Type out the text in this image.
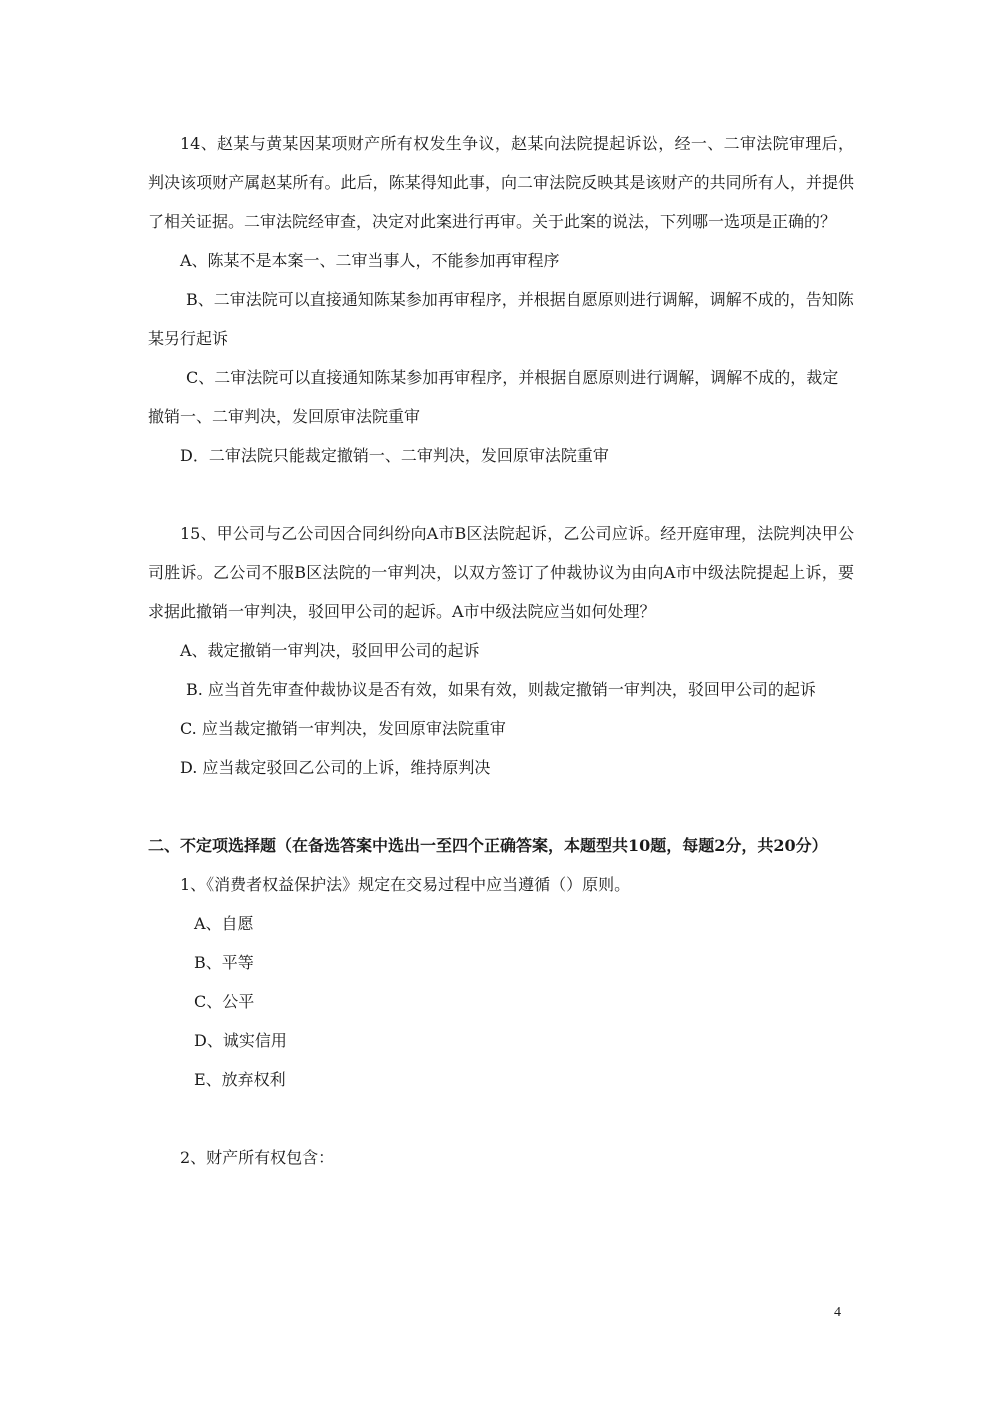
14、赵某与黄某因某项财产所有权发生争议，赵某向法院提起诉讼，经一、二审法院审理后，判决该项财产属赵某所有。此后，陈某得知此事，向二审法院反映其是该财产的共同所有人，并提供了相关证据。二审法院经审查，决定对此案进行再审。关于此案的说法，下列哪一选项是正确的？

A、陈某不是本案一、二审当事人，不能参加再审程序

B、二审法院可以直接通知陈某参加再审程序，并根据自愿原则进行调解，调解不成的，告知陈某另行起诉

C、二审法院可以直接通知陈某参加再审程序，并根据自愿原则进行调解，调解不成的，裁定撤销一、二审判决，发回原审法院重审

D．二审法院只能裁定撤销一、二审判决，发回原审法院重审

15、甲公司与乙公司因合同纠纷向A市B区法院起诉，乙公司应诉。经开庭审理，法院判决甲公司胜诉。乙公司不服B区法院的一审判决，以双方签订了仲裁协议为由向A市中级法院提起上诉，要求据此撤销一审判决，驳回甲公司的起诉。A市中级法院应当如何处理？

A、裁定撤销一审判决，驳回甲公司的起诉

B. 应当首先审查仲裁协议是否有效，如果有效，则裁定撤销一审判决，驳回甲公司的起诉

C. 应当裁定撤销一审判决，发回原审法院重审

D. 应当裁定驳回乙公司的上诉，维持原判决

二、不定项选择题（在备选答案中选出一至四个正确答案，本题型共10题，每题2分，共20分）

1、《消费者权益保护法》规定在交易过程中应当遵循（）原则。

A、自愿

B、平等

C、公平

D、诚实信用

E、放弃权利

2、财产所有权包含：

4
